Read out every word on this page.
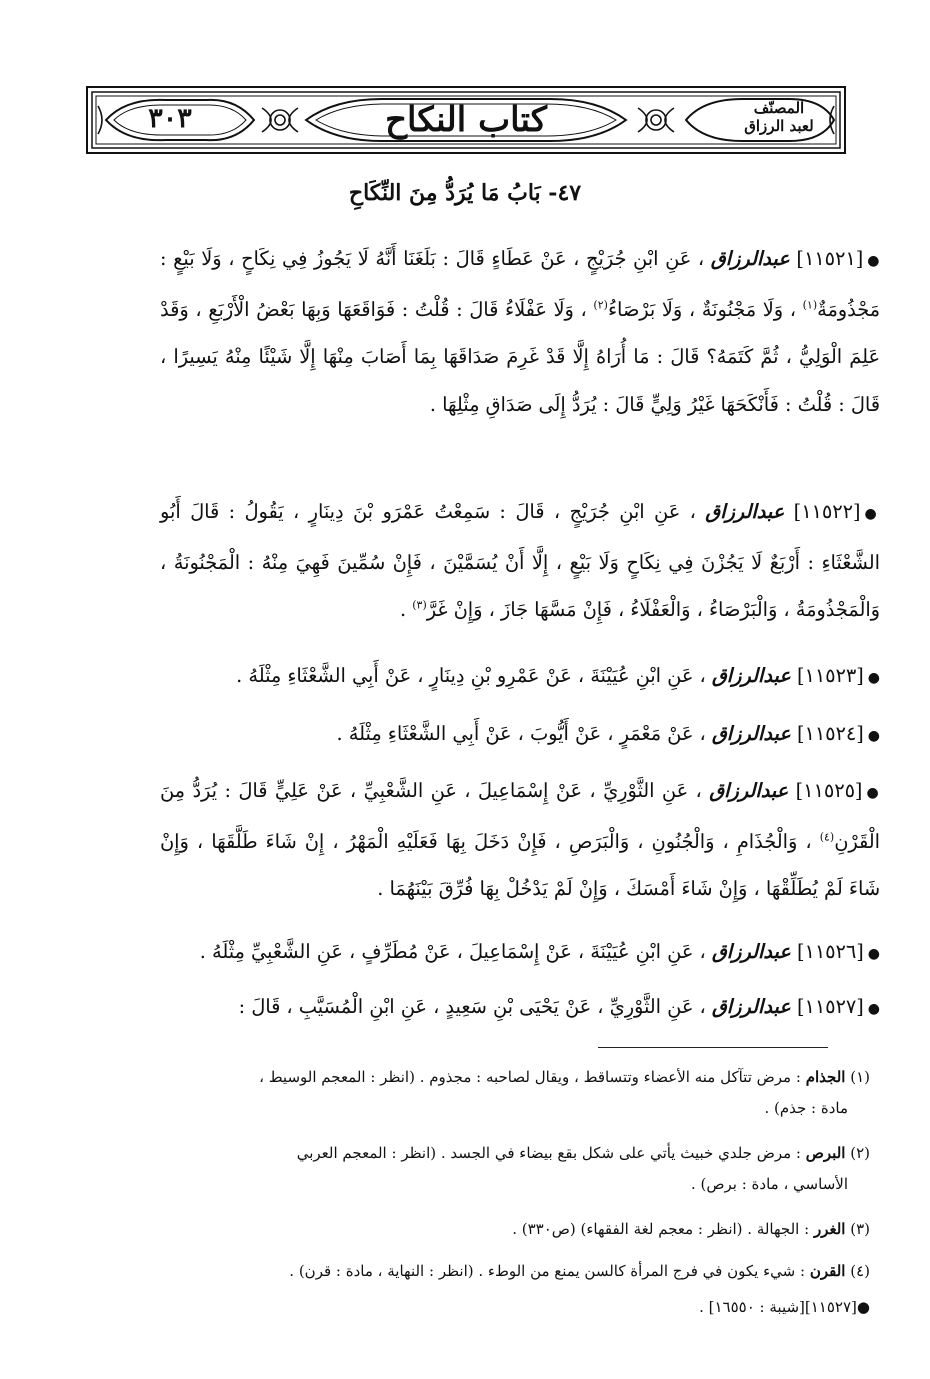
٣٠٣	كتاب النكاح	المصنّف
لعبد الرزاق
٤٧- بَابُ مَا يُرَدُّ مِنَ النِّكَاحِ
●[١١٥٢١] عبدالرزاق ، عَنِ ابْنِ جُرَيْجٍ ، عَنْ عَطَاءٍ قَالَ : بَلَغَنَا أَنَّهُ لَا يَجُوزُ فِي نِكَاحٍ ، وَلَا بَيْعٍ : مَجْذُومَةٌ$^{(١)}$ ، وَلَا مَجْنُونَةٌ ، وَلَا بَرْصَاءُ$^{(٢)}$ ، وَلَا عَفْلَاءُ قَالَ : قُلْتُ : فَوَاقَعَهَا وَبِهَا بَعْضُ الْأَرْبَعِ ، وَقَدْ عَلِمَ الْوَلِيُّ ، ثُمَّ كَتَمَهُ؟ قَالَ : مَا أُرَاهُ إِلَّا قَدْ غَرِمَ صَدَاقَهَا بِمَا أَصَابَ مِنْهَا إِلَّا شَيْئًا مِنْهُ يَسِيرًا ، قَالَ : قُلْتُ : فَأَنْكَحَهَا غَيْرُ وَلِيٍّ قَالَ : يُرَدُّ إِلَى صَدَاقِ مِثْلِهَا .
●[١١٥٢٢] عبدالرزاق ، عَنِ ابْنِ جُرَيْجٍ ، قَالَ : سَمِعْتُ عَمْرَو بْنَ دِينَارٍ ، يَقُولُ : قَالَ أَبُو الشَّعْثَاءِ : أَرْبَعٌ لَا يَجُزْنَ فِي نِكَاحٍ وَلَا بَيْعٍ ، إِلَّا أَنْ يُسَمَّيْنَ ، فَإِنْ سُمِّينَ فَهِيَ مِنْهُ : الْمَجْنُونَةُ ، وَالْمَجْذُومَةُ ، وَالْبَرْصَاءُ ، وَالْعَفْلَاءُ ، فَإِنْ مَسَّهَا جَازَ ، وَإِنْ غَرَّ$^{(٣)}$ .
●[١١٥٢٣] عبدالرزاق ، عَنِ ابْنِ عُيَيْنَةَ ، عَنْ عَمْرِو بْنِ دِينَارٍ ، عَنْ أَبِي الشَّعْثَاءِ مِثْلَهُ .
●[١١٥٢٤] عبدالرزاق ، عَنْ مَعْمَرٍ ، عَنْ أَيُّوبَ ، عَنْ أَبِي الشَّعْثَاءِ مِثْلَهُ .
●[١١٥٢٥] عبدالرزاق ، عَنِ الثَّوْرِيِّ ، عَنْ إِسْمَاعِيلَ ، عَنِ الشَّعْبِيِّ ، عَنْ عَلِيٍّ قَالَ : يُرَدُّ مِنَ الْقَرْنِ$^{(٤)}$ ، وَالْجُذَامِ ، وَالْجُنُونِ ، وَالْبَرَصِ ، فَإِنْ دَخَلَ بِهَا فَعَلَيْهِ الْمَهْرُ ، إِنْ شَاءَ طَلَّقَهَا ، وَإِنْ شَاءَ لَمْ يُطَلِّقْهَا ، وَإِنْ شَاءَ أَمْسَكَ ، وَإِنْ لَمْ يَدْخُلْ بِهَا فُرِّقَ بَيْنَهُمَا .
●[١١٥٢٦] عبدالرزاق ، عَنِ ابْنِ عُيَيْنَةَ ، عَنْ إِسْمَاعِيلَ ، عَنْ مُطَرِّفٍ ، عَنِ الشَّعْبِيِّ مِثْلَهُ .
●[١١٥٢٧] عبدالرزاق ، عَنِ الثَّوْرِيِّ ، عَنْ يَحْيَى بْنِ سَعِيدٍ ، عَنِ ابْنِ الْمُسَيَّبِ ، قَالَ :
(١) الجذام : مرض تتآكل منه الأعضاء وتتساقط ، ويقال لصاحبه : مجذوم . (انظر : المعجم الوسيط ،
مادة : جذم) .
(٢) البرص : مرض جلدي خبيث يأتي على شكل بقع بيضاء في الجسد . (انظر : المعجم العربي
الأساسي ، مادة : برص) .
(٣) الغرر : الجهالة . (انظر : معجم لغة الفقهاء) (ص٣٣٠) .
(٤) القرن : شيء يكون في فرج المرأة كالسن يمنع من الوطء . (انظر : النهاية ، مادة : قرن) .
●[١١٥٢٧][شيبة : ١٦٥٥٠] .
